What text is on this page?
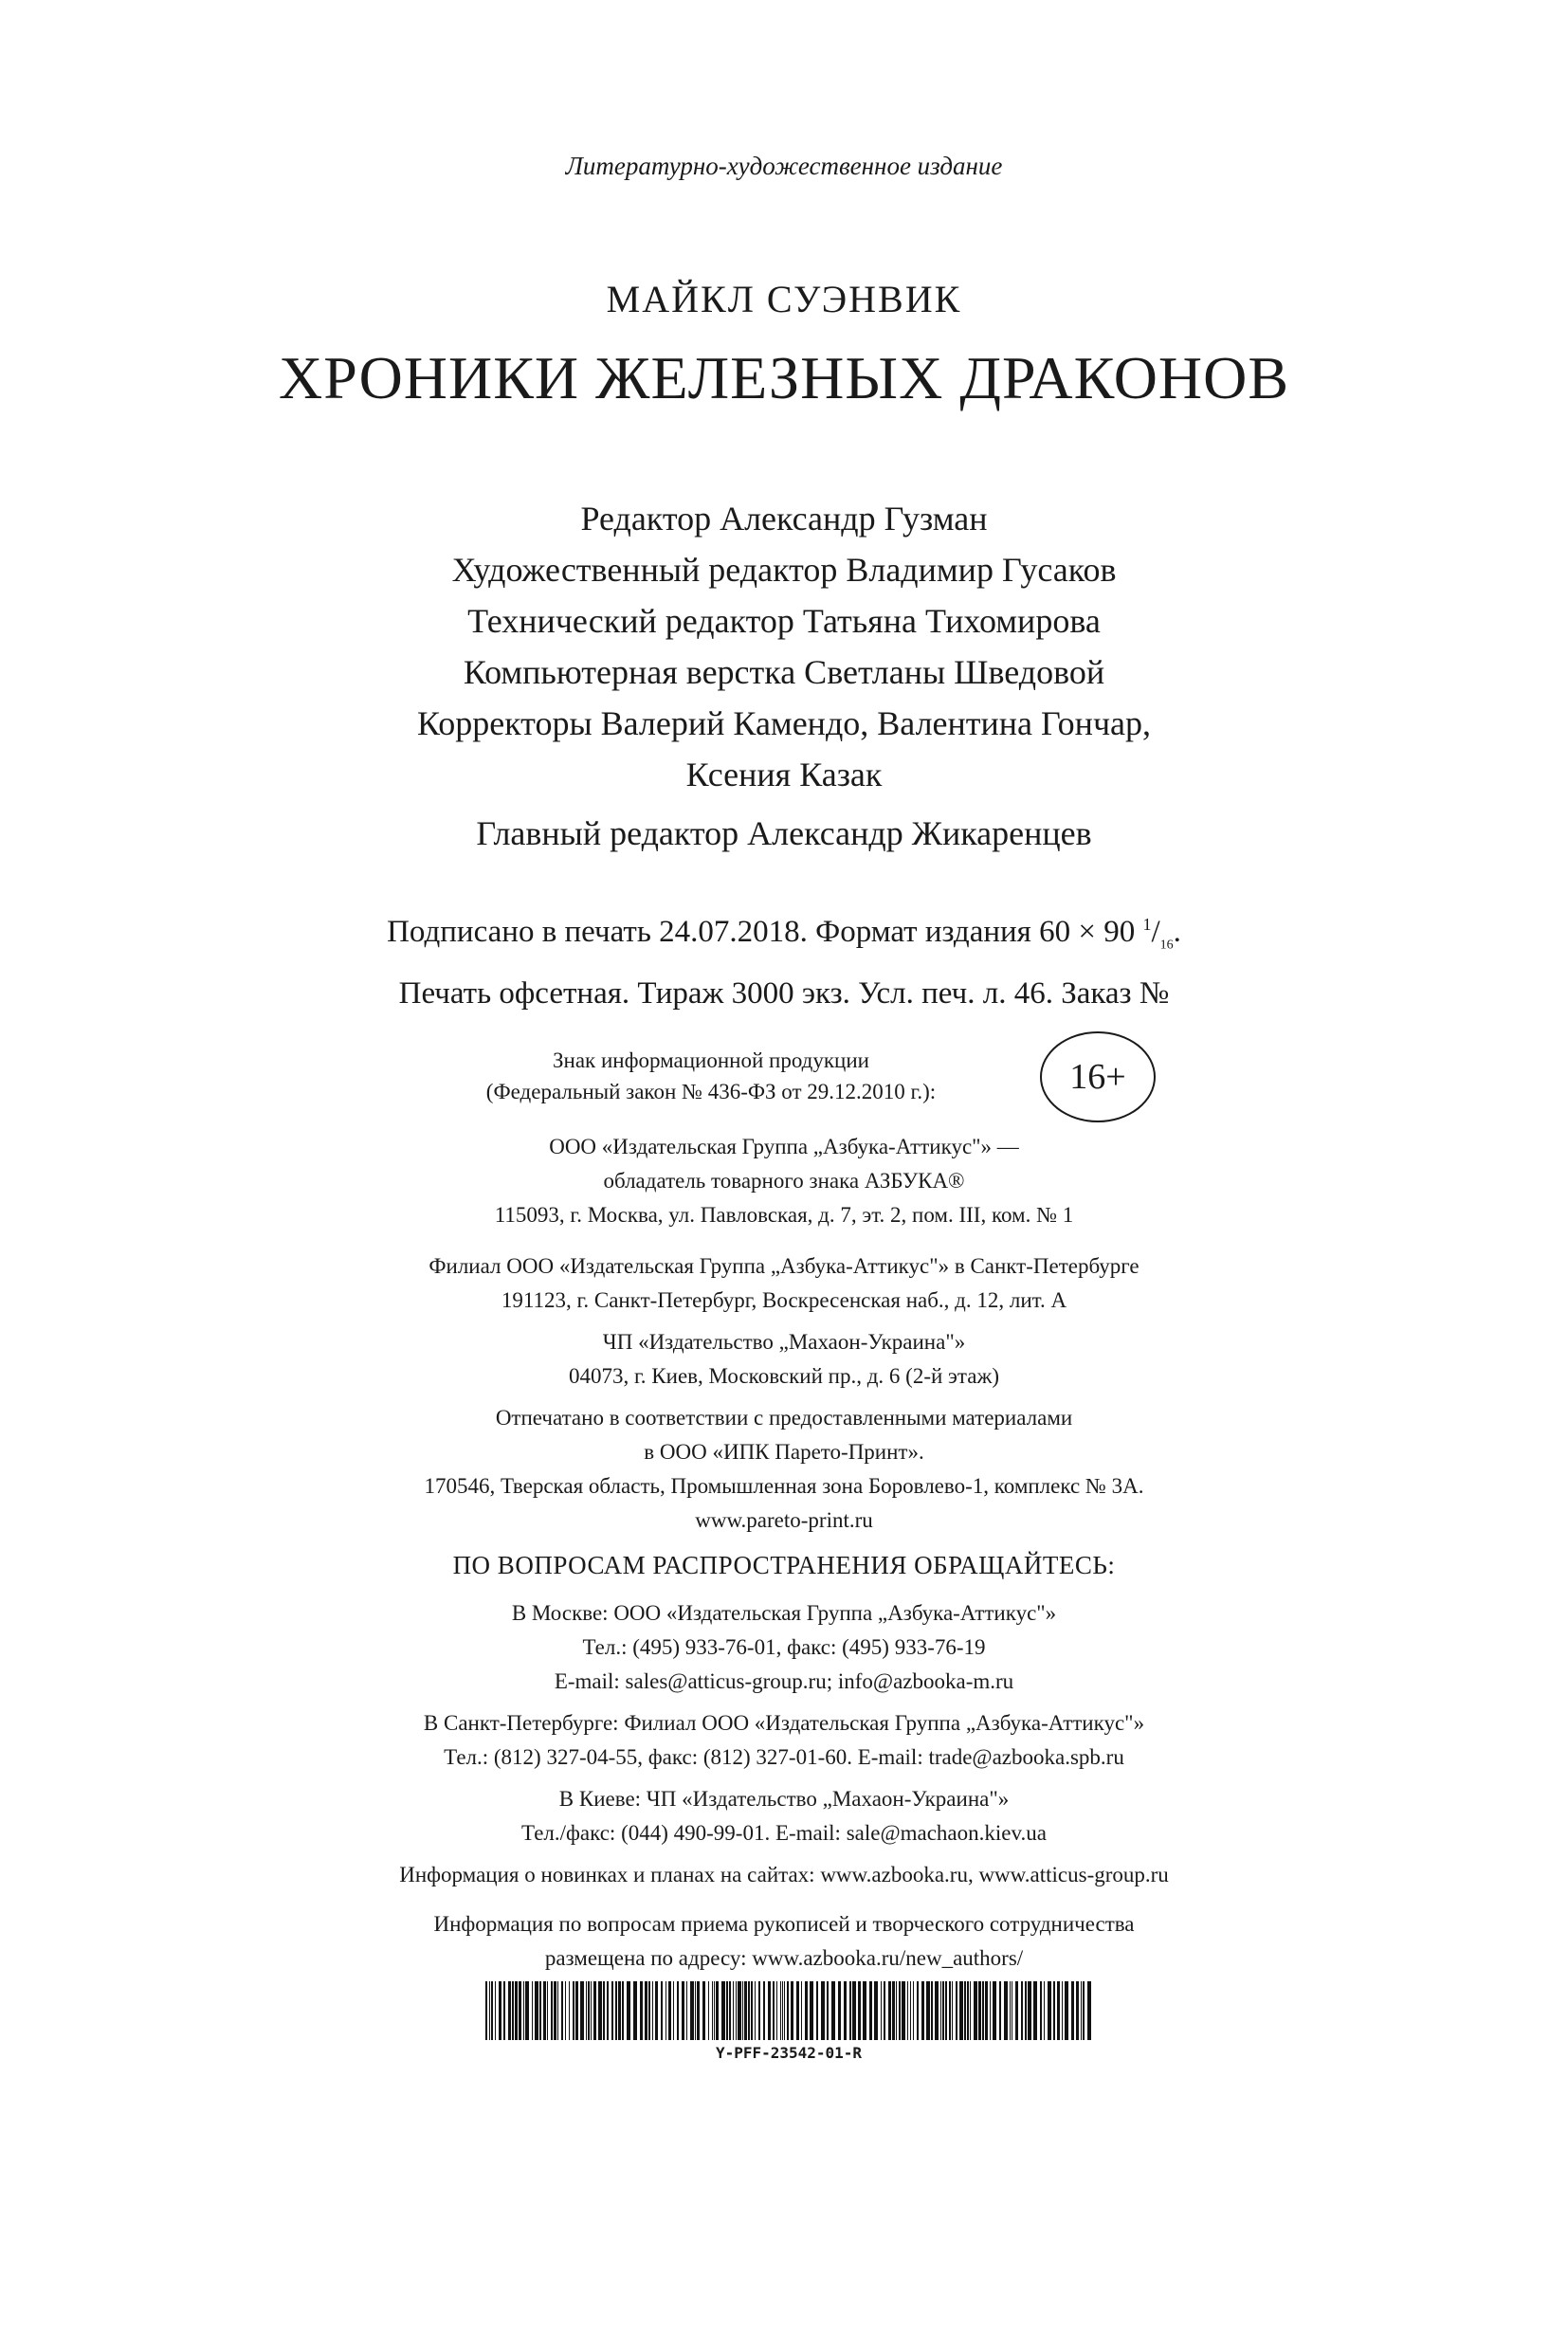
Литературно-художественное издание
МАЙКЛ СУЭНВИК
ХРОНИКИ ЖЕЛЕЗНЫХ ДРАКОНОВ
Редактор Александр Гузман
Художественный редактор Владимир Гусаков
Технический редактор Татьяна Тихомирова
Компьютерная верстка Светланы Шведовой
Корректоры Валерий Камендо, Валентина Гончар,
Ксения Казак
Главный редактор Александр Жикаренцев
Подписано в печать 24.07.2018. Формат издания 60 × 90 $^1/_{16}$.
Печать офсетная. Тираж 3000 экз. Усл. печ. л. 46. Заказ №
Знак информационной продукции
(Федеральный закон № 436-ФЗ от 29.12.2010 г.):	16+
ООО «Издательская Группа „Азбука-Аттикус"» —
обладатель товарного знака АЗБУКА®
115093, г. Москва, ул. Павловская, д. 7, эт. 2, пом. III, ком. № 1
Филиал ООО «Издательская Группа „Азбука-Аттикус"» в Санкт-Петербурге
191123, г. Санкт-Петербург, Воскресенская наб., д. 12, лит. А
ЧП «Издательство „Махаон-Украина"»
04073, г. Киев, Московский пр., д. 6 (2-й этаж)
Отпечатано в соответствии с предоставленными материалами
в ООО «ИПК Парето-Принт».
170546, Тверская область, Промышленная зона Боровлево-1, комплекс № 3А.
www.pareto-print.ru
ПО ВОПРОСАМ РАСПРОСТРАНЕНИЯ ОБРАЩАЙТЕСЬ:
В Москве: ООО «Издательская Группа „Азбука-Аттикус"»
Тел.: (495) 933-76-01, факс: (495) 933-76-19
E-mail: sales@atticus-group.ru; info@azbooka-m.ru
В Санкт-Петербурге: Филиал ООО «Издательская Группа „Азбука-Аттикус"»
Тел.: (812) 327-04-55, факс: (812) 327-01-60. E-mail: trade@azbooka.spb.ru
В Киеве: ЧП «Издательство „Махаон-Украина"»
Тел./факс: (044) 490-99-01. E-mail: sale@machaon.kiev.ua
Информация о новинках и планах на сайтах: www.azbooka.ru, www.atticus-group.ru
Информация по вопросам приема рукописей и творческого сотрудничества
размещена по адресу: www.azbooka.ru/new_authors/
Y-PFF-23542-01-R
